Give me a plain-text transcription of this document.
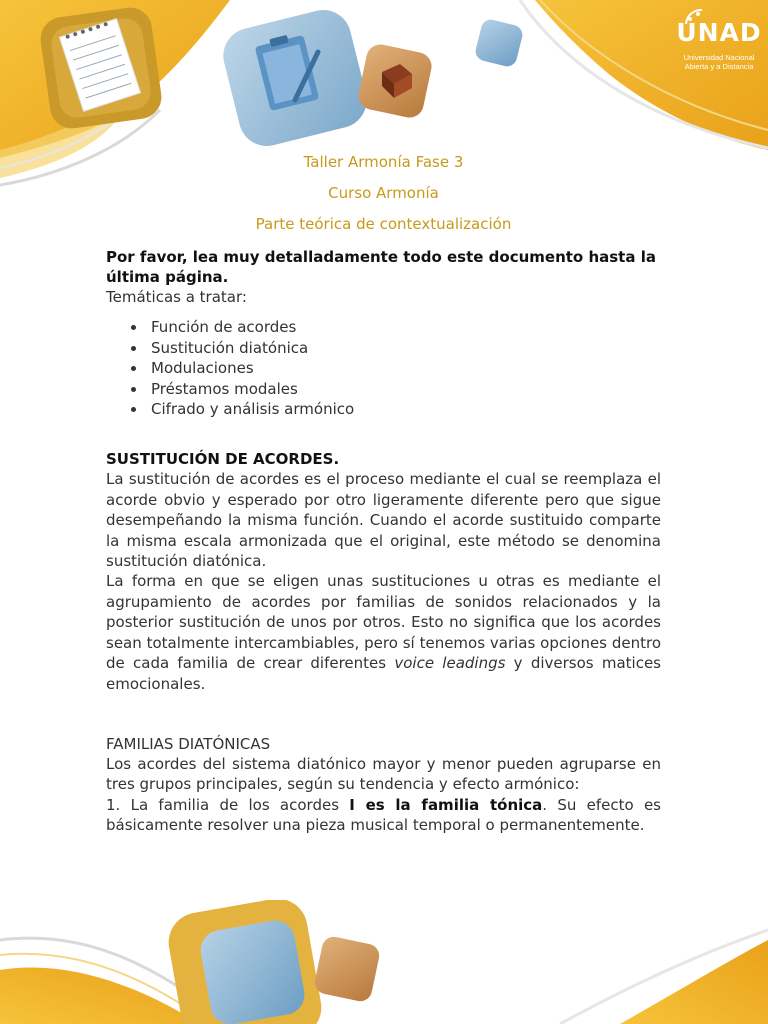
UNAD
Universidad Nacional
Abierta y a Distancia

Taller Armonía Fase 3

Curso Armonía

Parte teórica de contextualización

Por favor, lea muy detalladamente todo este documento hasta la última página.

Temáticas a tratar:

Función de acordes
Sustitución diatónica
Modulaciones
Préstamos modales
Cifrado y análisis armónico

SUSTITUCIÓN DE ACORDES.

La sustitución de acordes es el proceso mediante el cual se reemplaza el acorde obvio y esperado por otro ligeramente diferente pero que sigue desempeñando la misma función. Cuando el acorde sustituido comparte la misma escala armonizada que el original, este método se denomina sustitución diatónica.

La forma en que se eligen unas sustituciones u otras es mediante el agrupamiento de acordes por familias de sonidos relacionados y la posterior sustitución de unos por otros. Esto no significa que los acordes sean totalmente intercambiables, pero sí tenemos varias opciones dentro de cada familia de crear diferentes voice leadings y diversos matices emocionales.

FAMILIAS DIATÓNICAS

Los acordes del sistema diatónico mayor y menor pueden agruparse en tres grupos principales, según su tendencia y efecto armónico:

1. La familia de los acordes I es la familia tónica. Su efecto es básicamente resolver una pieza musical temporal o permanentemente.
